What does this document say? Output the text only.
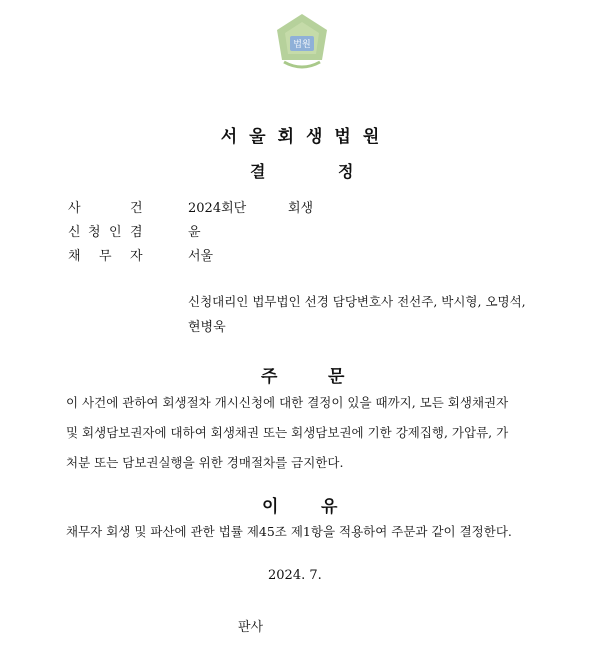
법원
서울회생법원
결	정
사	건	2024회단	회생
신 청 인 겸	윤
채 무 자	서울
신청대리인 법무법인 선경 담당변호사 전선주, 박시형, 오명석,
현병욱
주	문
이 사건에 관하여 회생절차 개시신청에 대한 결정이 있을 때까지, 모든 회생채권자
및 회생담보권자에 대하여 회생채권 또는 회생담보권에 기한 강제집행, 가압류, 가
처분 또는 담보권실행을 위한 경매절차를 금지한다.
이	유
채무자 회생 및 파산에 관한 법률 제45조 제1항을 적용하여 주문과 같이 결정한다.
2024. 7.
판사
